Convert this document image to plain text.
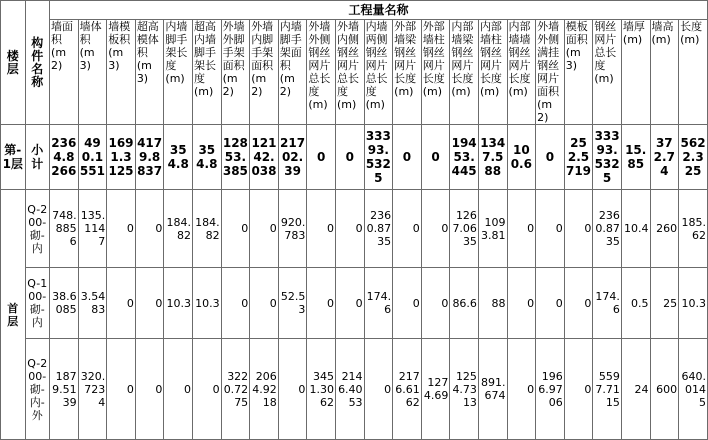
楼层	构件名称	工程量名称																						
		墙面积(m2)	墙体积(m3)	墙模板积(m3)	超高模体积(m3)	内墙脚手架长度(m)	超高内墙脚手架长度(m)	外墙外脚手架面积(m2)	外墙内脚手架面积(m2)	内墙脚手架面积(m2)	外墙外侧钢丝网片总长度(m)	外墙内侧钢丝网片总长度(m)	内墙两侧钢丝网片总长度(m)	外部墙梁钢丝网片长度(m)	外部墙柱钢丝网片长度(m)	内部墙梁钢丝网片长度(m)	内部墙柱钢丝网片长度(m)	内部墙墙钢丝网片长度(m)	外墙外侧满挂钢丝网片面积(m2)	模板面积(m3)	钢丝网片总长度(m)	墙厚(m)	墙高(m)	长度(m)
第-1层	小计	2364.8266	490.1551	1691.3125	4179.8837	354.8	354.8	12853.385	12142.038	21702.39	0	0	33393.5325	0	0	19453.445	1347.588	100.6	0	252.5719	33393.5325	15.85	372.74	5622.325
首层	Q-200-砌-内	748.8856	135.1147	0	0	184.82	184.82	0	0	920.783	0	0	2360.8735	0	0	1267.0635	1093.81	0	0	0	2360.8735	10.4	260	185.62
	Q-100-砌-内	38.6085	3.5483	0	0	10.3	10.3	0	0	52.53	0	0	174.6	0	0	86.6	88	0	0	0	174.6	0.5	25	10.3
	Q-200-砌-内-外	1879.5139	320.7234	0	0	0	0	3220.7275	2064.9218	0	3451.3062	2146.4053	0	2176.6162	1274.69	1254.7313	891.674	0	1966.9706	0	5597.7115	24	600	640.0145
